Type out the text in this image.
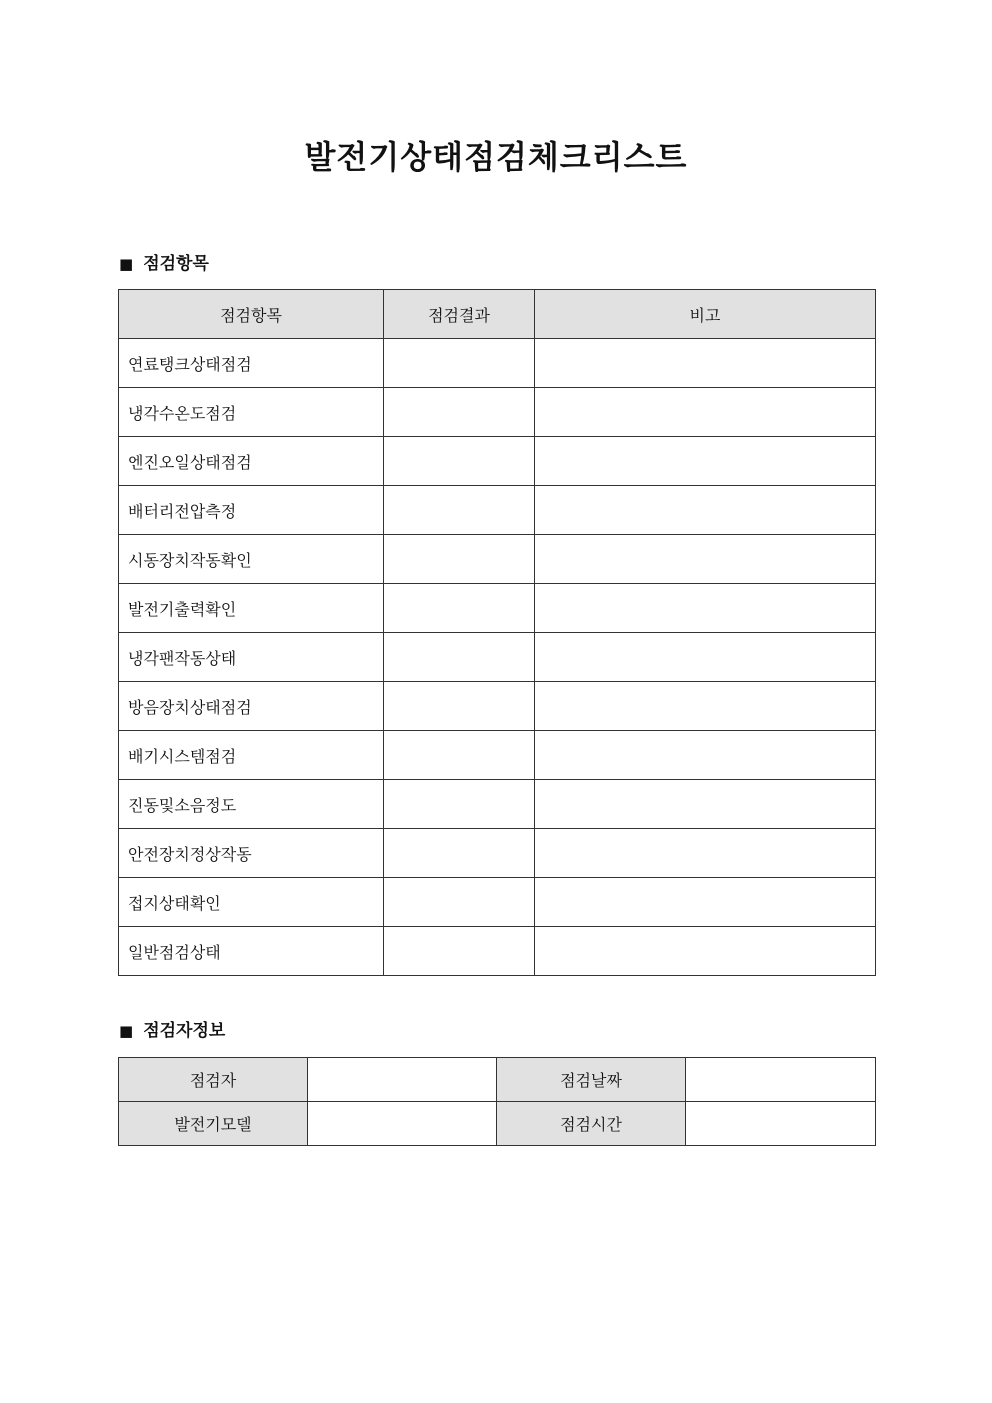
발전기상태점검체크리스트
■ 점검항목
점검항목	점검결과	비고
연료탱크상태점검		
냉각수온도점검		
엔진오일상태점검		
배터리전압측정		
시동장치작동확인		
발전기출력확인		
냉각팬작동상태		
방음장치상태점검		
배기시스템점검		
진동및소음정도		
안전장치정상작동		
접지상태확인		
일반점검상태		
■ 점검자정보
점검자		점검날짜	
발전기모델		점검시간	
